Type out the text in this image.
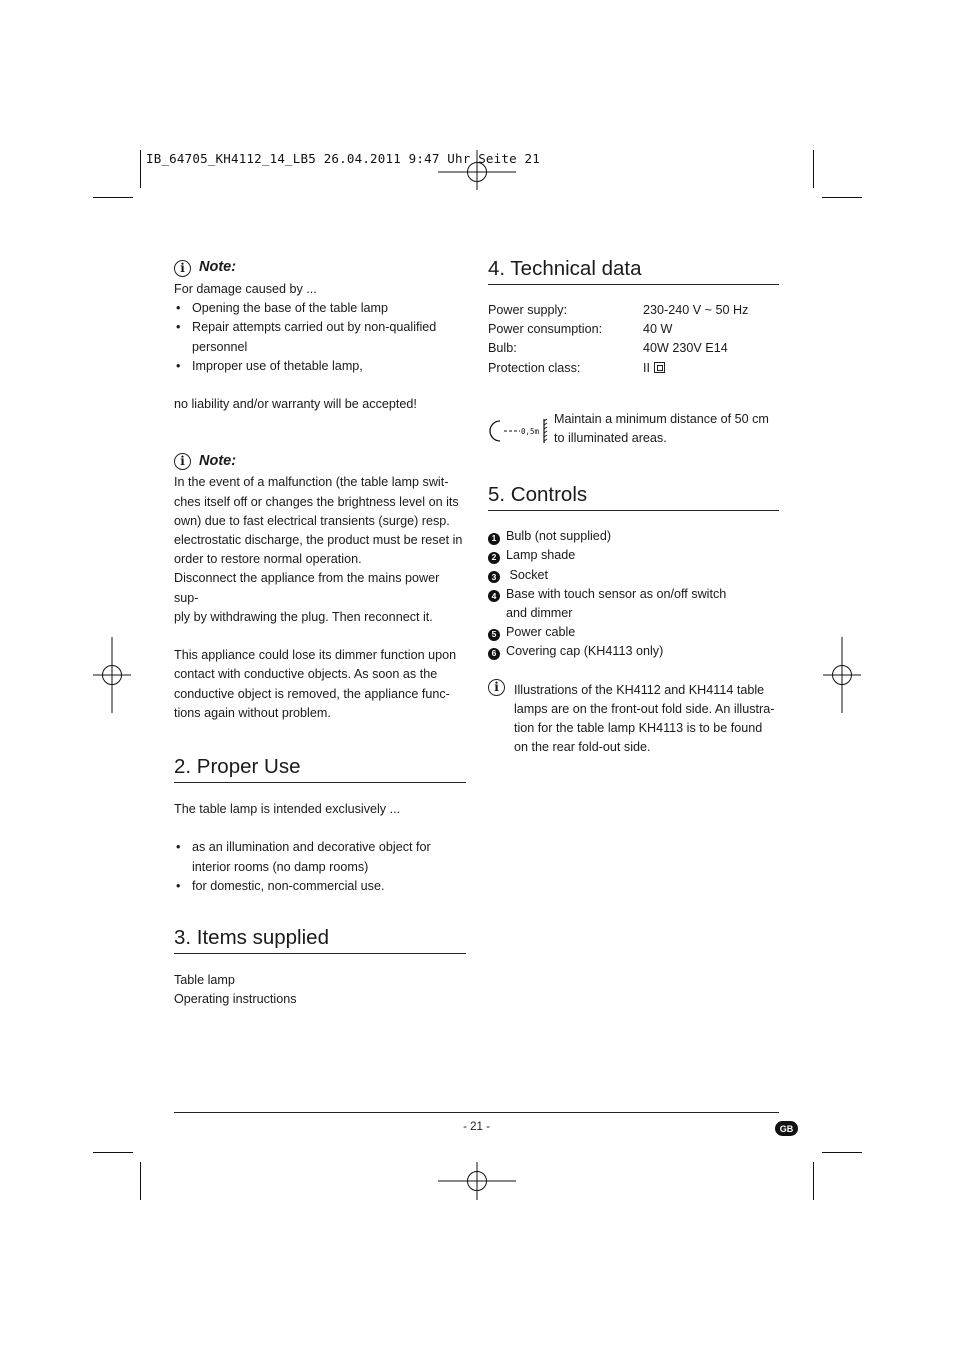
IB_64705_KH4112_14_LB5 26.04.2011 9:47 Uhr Seite 21
i Note:

For damage caused by ...

• Opening the base of the table lamp
• Repair attempts carried out by non-qualified personnel
• Improper use of thetable lamp,

no liability and/or warranty will be accepted!

i Note:

In the event of a malfunction (the table lamp swit-

ches itself off or changes the brightness level on its

own) due to fast electrical transients (surge) resp.

electrostatic discharge, the product must be reset in

order to restore normal operation.

Disconnect the appliance from the mains power sup-

ply by withdrawing the plug. Then reconnect it.

This appliance could lose its dimmer function upon

contact with conductive objects. As soon as the

conductive object is removed, the appliance func-

tions again without problem.

2. Proper Use

The table lamp is intended exclusively ...

• as an illumination and decorative object for interior rooms (no damp rooms)
• for domestic, non-commercial use.
3. Items supplied

Table lamp

Operating instructions

4. Technical data
Power supply:	230-240 V ~ 50 Hz
Power consumption:	40 W
Bulb:	40W 230V E14
Protection class:	II
0,5m

Maintain a minimum distance of 50 cm

to illuminated areas.

5. Controls
1 Bulb (not supplied)
2 Lamp shade
3 Socket
4 Base with touch sensor as on/off switch
and dimmer
5 Power cable
6 Covering cap (KH4113 only)
i	Illustrations of the KH4112 and KH4114 table

lamps are on the front-out fold side. An illustra-

tion for the table lamp KH4113 is to be found

on the rear fold-out side.

- 21 -	GB
